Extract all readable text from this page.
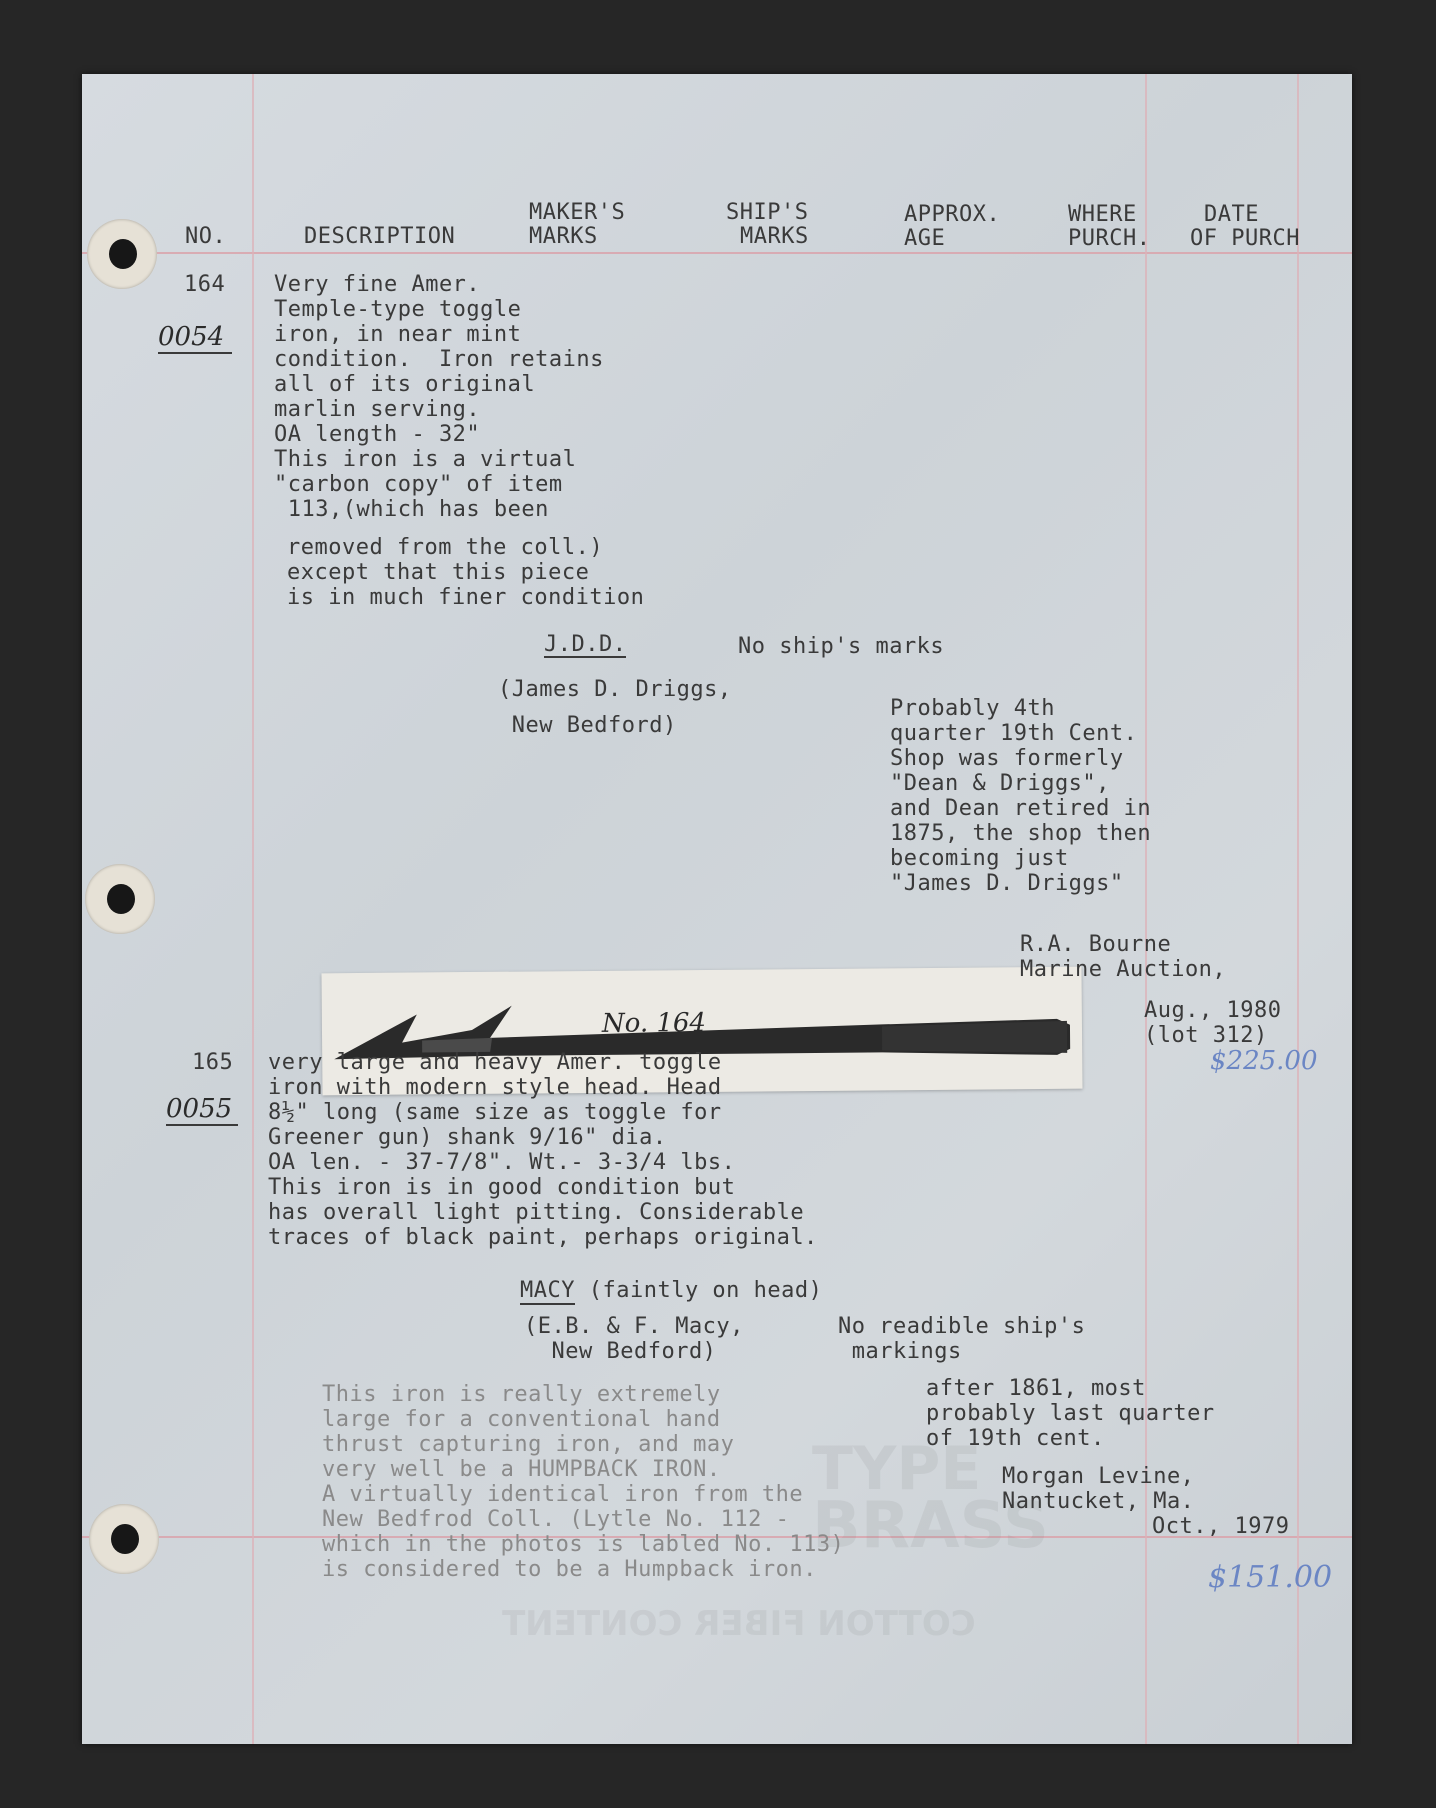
TYPE
BRASS
COTTON FIBER CONTENT
NO.	DESCRIPTION
MAKER'S
MARKS
SHIP'S
MARKS
APPROX.
AGE
WHERE
PURCH.
DATE
OF PURCH
164
0054
Very fine Amer.
Temple-type toggle
iron, in near mint
condition.  Iron retains
all of its original
marlin serving.
OA length - 32"
This iron is a virtual
"carbon copy" of item
113,(which has been
removed from the coll.)
except that this piece
is in much finer condition
J.D.D.	No ship's marks
(James D. Driggs,
New Bedford)
Probably 4th
quarter 19th Cent.
Shop was formerly
"Dean & Driggs",
and Dean retired in
1875, the shop then
becoming just
"James D. Driggs"
No. 164
R.A. Bourne
Marine Auction,
Aug., 1980
(lot 312)
$225.00
165
0055
very large and heavy Amer. toggle
iron with modern style head. Head
8½" long (same size as toggle for
Greener gun) shank 9/16" dia.
OA len. - 37-7/8". Wt.- 3-3/4 lbs.
This iron is in good condition but
has overall light pitting. Considerable
traces of black paint, perhaps original.
MACY (faintly on head)
(E.B. & F. Macy,
New Bedford)
No readible ship's
markings
This iron is really extremely
large for a conventional hand
thrust capturing iron, and may
very well be a HUMPBACK IRON.
A virtually identical iron from the
New Bedfrod Coll. (Lytle No. 112 -
which in the photos is labled No. 113)
is considered to be a Humpback iron.
after 1861, most
probably last quarter
of 19th cent.
Morgan Levine,
Nantucket, Ma.
Oct., 1979
$151.00
